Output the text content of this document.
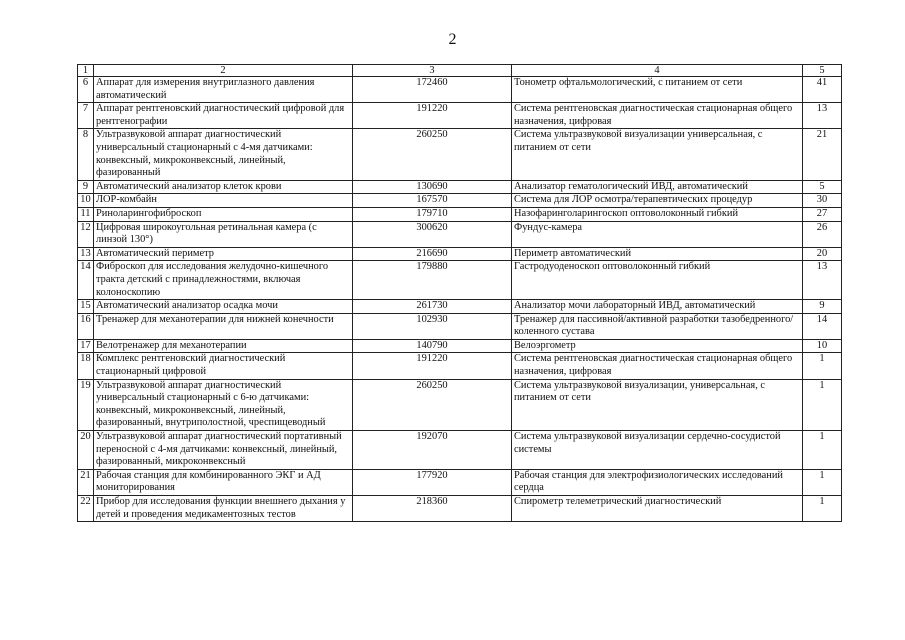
2
1	2	3	4	5
6	Аппарат для измерения внутриглазного давления автоматический	172460	Тонометр офтальмологический, с питанием от сети	41
7	Аппарат рентгеновский диагностический цифровой для рентгенографии	191220	Система рентгеновская диагностическая стационарная общего назначения, цифровая	13
8	Ультразвуковой аппарат диагностический универсальный стационарный с 4-мя датчиками: конвексный, микроконвексный, линейный, фазированный	260250	Система ультразвуковой визуализации универсальная, с питанием от сети	21
9	Автоматический анализатор клеток крови	130690	Анализатор гематологический ИВД, автоматический	5
10	ЛОР-комбайн	167570	Система для ЛОР осмотра/терапевтических процедур	30
11	Риноларингофиброскоп	179710	Назофаринголарингоскоп оптоволоконный гибкий	27
12	Цифровая широкоугольная ретинальная камера (с линзой 130°)	300620	Фундус-камера	26
13	Автоматический периметр	216690	Периметр автоматический	20
14	Фиброскоп для исследования желудочно-кишечного тракта детский с принадлежностями, включая колоноскопию	179880	Гастродуоденоскоп оптоволоконный гибкий	13
15	Автоматический анализатор осадка мочи	261730	Анализатор мочи лабораторный ИВД, автоматический	9
16	Тренажер для механотерапии для нижней конечности	102930	Тренажер для пассивной/активной разработки тазобедренного/коленного сустава	14
17	Велотренажер для механотерапии	140790	Велоэргометр	10
18	Комплекс рентгеновский диагностический стационарный цифровой	191220	Система рентгеновская диагностическая стационарная общего назначения, цифровая	1
19	Ультразвуковой аппарат диагностический универсальный стационарный с 6-ю датчиками: конвексный, микроконвексный, линейный, фазированный, внутриполостной, чреспищеводный	260250	Система ультразвуковой визуализации, универсальная, с питанием от сети	1
20	Ультразвуковой аппарат диагностический портативный переносной с 4-мя датчиками: конвексный, линейный, фазированный, микроконвексный	192070	Система ультразвуковой визуализации сердечно-сосудистой системы	1
21	Рабочая станция для комбинированного ЭКГ и АД мониторирования	177920	Рабочая станция для электрофизиологических исследований сердца	1
22	Прибор для исследования функции внешнего дыхания у детей и проведения медикаментозных тестов	218360	Спирометр телеметрический диагностический	1
